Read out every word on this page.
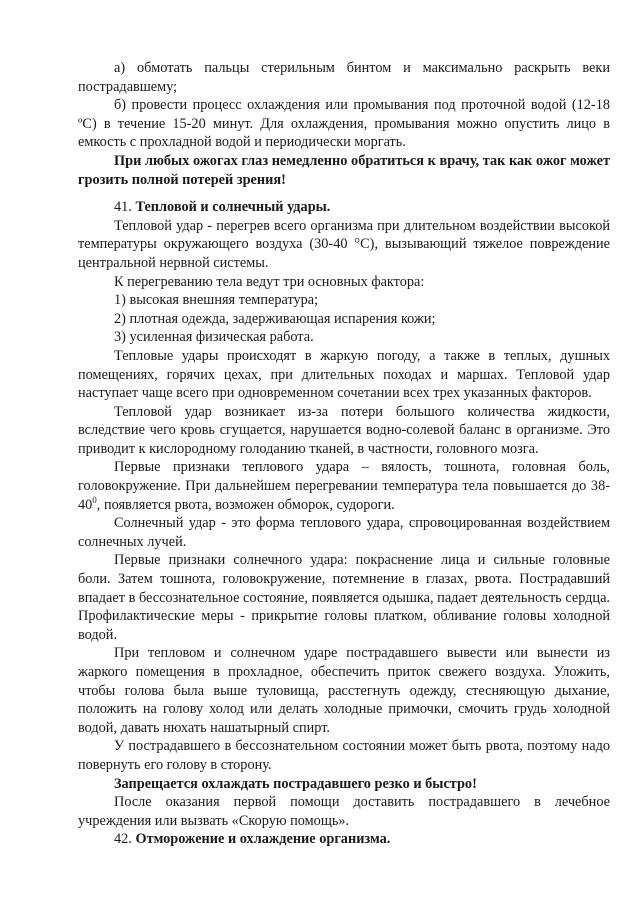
а) обмотать пальцы стерильным бинтом и максимально раскрыть веки пострадавшему;

б) провести процесс охлаждения или промывания под проточной водой (12-18 ºС) в течение 15-20 минут. Для охлаждения, промывания можно опустить лицо в емкость с прохладной водой и периодически моргать.

При любых ожогах глаз немедленно обратиться к врачу, так как ожог может грозить полной потерей зрения!

41. Тепловой и солнечный удары.

Тепловой удар - перегрев всего организма при длительном воздействии высокой температуры окружающего воздуха (30-40 °С), вызывающий тяжелое повреждение центральной нервной системы.

К перегреванию тела ведут три основных фактора:

1) высокая внешняя температура;

2) плотная одежда, задерживающая испарения кожи;

3) усиленная физическая работа.

Тепловые удары происходят в жаркую погоду, а также в теплых, душных помещениях, горячих цехах, при длительных походах и маршах. Тепловой удар наступает чаще всего при одновременном сочетании всех трех указанных факторов.

Тепловой удар возникает из-за потери большого количества жидкости, вследствие чего кровь сгущается, нарушается водно-солевой баланс в организме. Это приводит к кислородному голоданию тканей, в частности, головного мозга.

Первые признаки теплового удара – вялость, тошнота, головная боль, головокружение. При дальнейшем перегревании температура тела повышается до $38-40^0$, появляется рвота, возможен обморок, судороги.

Солнечный удар - это форма теплового удара, спровоцированная воздействием солнечных лучей.

Первые признаки солнечного удара: покраснение лица и сильные головные боли. Затем тошнота, головокружение, потемнение в глазах, рвота. Пострадавший впадает в бессознательное состояние, появляется одышка, падает деятельность сердца. Профилактические меры - прикрытие головы платком, обливание головы холодной водой.

При тепловом и солнечном ударе пострадавшего вывести или вынести из жаркого помещения в прохладное, обеспечить приток свежего воздуха. Уложить, чтобы голова была выше туловища, расстегнуть одежду, стесняющую дыхание, положить на голову холод или делать холодные примочки, смочить грудь холодной водой, давать нюхать нашатырный спирт.

У пострадавшего в бессознательном состоянии может быть рвота, поэтому надо повернуть его голову в сторону.

Запрещается охлаждать пострадавшего резко и быстро!

После оказания первой помощи доставить пострадавшего в лечебное учреждения или вызвать «Скорую помощь».

42. Отморожение и охлаждение организма.
